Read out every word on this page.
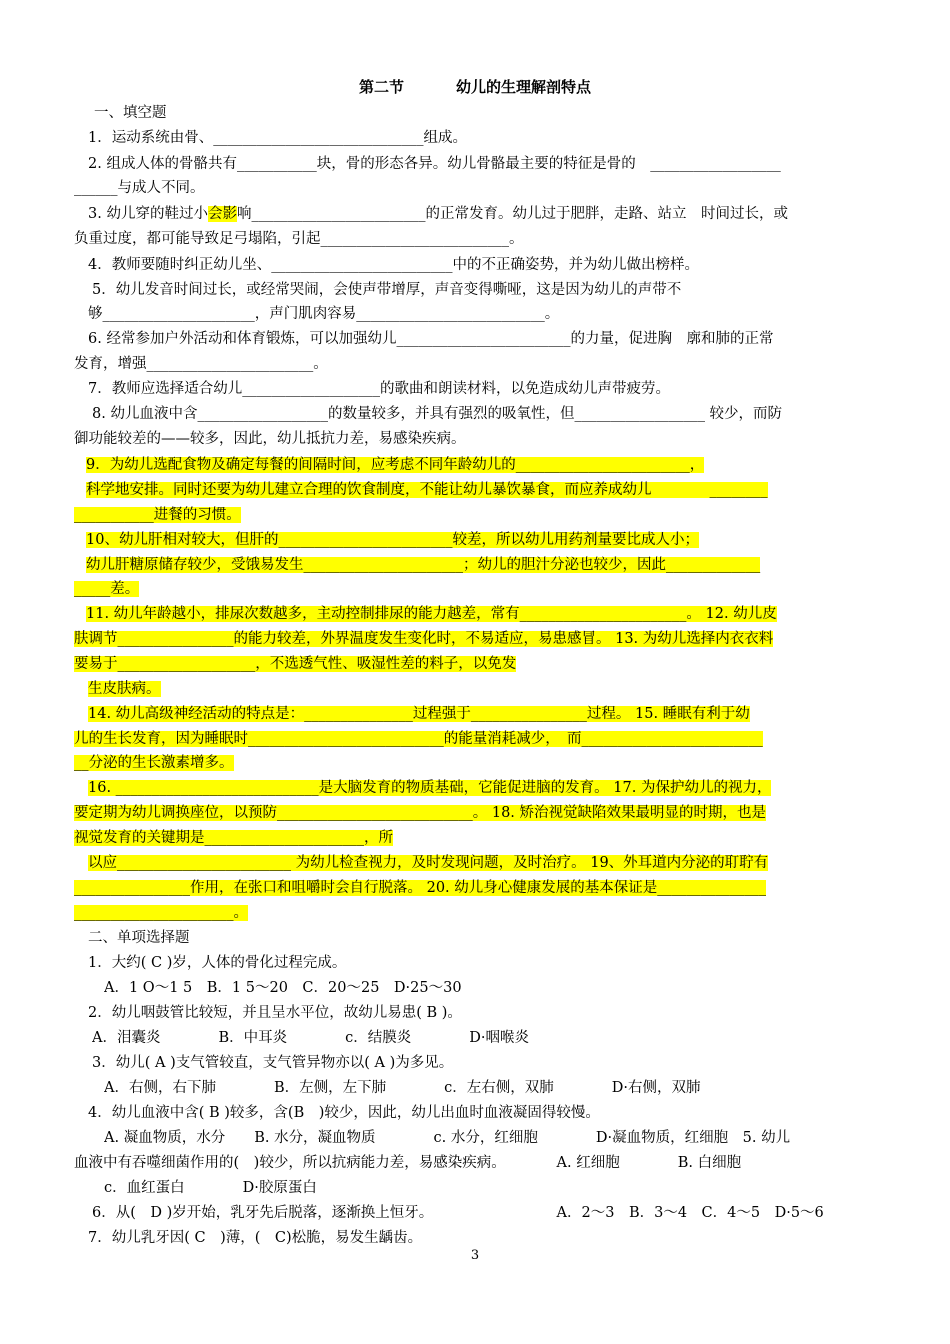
第二节	幼儿的生理解剖特点
一、填空题
1．运动系统由骨、_____________________________组成。
2. 组成人体的骨骼共有___________块，骨的形态各异。幼儿骨骼最主要的特征是骨的　__________________
______与成人不同。
3. 幼儿穿的鞋过小会影响________________________的正常发育。幼儿过于肥胖，走路、站立　时间过长，或
负重过度，都可能导致足弓塌陷，引起__________________________。
4．教师要随时纠正幼儿坐、_________________________中的不正确姿势，并为幼儿做出榜样。
5．幼儿发音时间过长，或经常哭闹，会使声带增厚，声音变得嘶哑，这是因为幼儿的声带不
够_____________________，声门肌肉容易__________________________。
6. 经常参加户外活动和体育锻炼，可以加强幼儿________________________的力量，促进胸　廓和肺的正常
发育，增强_______________________。
7．教师应选择适合幼儿___________________的歌曲和朗读材料，以免造成幼儿声带疲劳。
8. 幼儿血液中含__________________的数量较多，并具有强烈的吸氧性，但__________________ 较少，而防
御功能较差的——较多，因此，幼儿抵抗力差，易感染疾病。
9．为幼儿选配食物及确定每餐的间隔时间，应考虑不同年龄幼儿的________________________，
科学地安排。同时还要为幼儿建立合理的饮食制度，不能让幼儿暴饮暴食，而应养成幼儿　　　　________
___________进餐的习惯。
10、幼儿肝相对较大，但肝的________________________较差，所以幼儿用药剂量要比成人小；
幼儿肝糖原储存较少，受饿易发生______________________；幼儿的胆汁分泌也较少，因此_____________
_____差。
11. 幼儿年龄越小，排尿次数越多，主动控制排尿的能力越差，常有_______________________。 12. 幼儿皮
肤调节________________的能力较差，外界温度发生变化时，不易适应，易患感冒。 13. 为幼儿选择内衣衣料
要易于___________________，不选透气性、吸湿性差的料子，以免发
生皮肤病。
14. 幼儿高级神经活动的特点是：_______________过程强于________________过程。 15. 睡眠有利于幼
儿的生长发育，因为睡眠时___________________________的能量消耗减少，　而_________________________
__分泌的生长激素增多。
16. ____________________________是大脑发育的物质基础，它能促进脑的发育。 17. 为保护幼儿的视力，
要定期为幼儿调换座位，以预防___________________________。 18. 矫治视觉缺陷效果最明显的时期，也是
视觉发育的关键期是______________________，所
以应________________________ 为幼儿检查视力，及时发现问题，及时治疗。 19、外耳道内分泌的耵聍有
________________作用，在张口和咀嚼时会自行脱落。 20. 幼儿身心健康发展的基本保证是_______________
______________________。
二、单项选择题
1．大约( C )岁，人体的骨化过程完成。
A．1 O～1 5　B．1 5～20　C．20～25　D·25～30
2．幼儿咽鼓管比较短，并且呈水平位，故幼儿易患( B )。
A．泪囊炎　　　　B．中耳炎　　　　c．结膜炎　　　　D·咽喉炎
3．幼儿( A )支气管较直，支气管异物亦以( A )为多见。
A．右侧，右下肺　　　　B．左侧，左下肺　　　　c．左右侧，双肺　　　　D·右侧，双肺
4．幼儿血液中含( B )较多，含(B　)较少，因此，幼儿出血时血液凝固得较慢。
A. 凝血物质，水分　　B. 水分，凝血物质　　　　c. 水分，红细胞　　　　D·凝血物质，红细胞　5. 幼儿
血液中有吞噬细菌作用的(　)较少，所以抗病能力差，易感染疾病。　　　　A. 红细胞　　　　B. 白细胞
c．血红蛋白　　　　D·胶原蛋白
6．从(　D )岁开始，乳牙先后脱落，逐渐换上恒牙。　　　　　　　　　A．2～3　B．3～4　C．4～5　D·5～6
7．幼儿乳牙因( C　)薄，(　C)松脆，易发生龋齿。
3
